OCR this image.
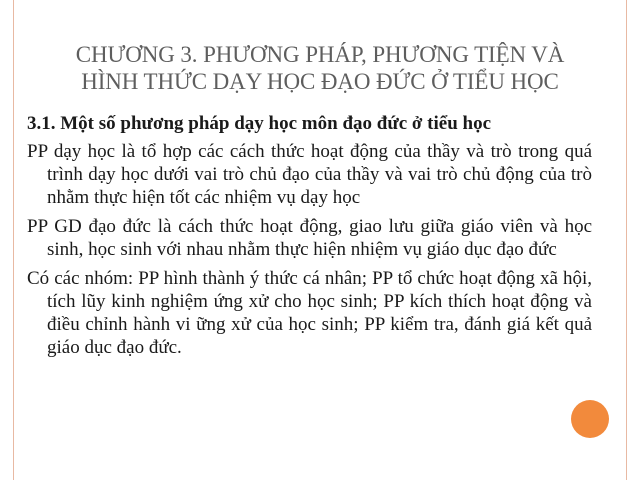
CHƯƠNG 3. PHƯƠNG PHÁP, PHƯƠNG TIỆN VÀ
HÌNH THỨC DẠY HỌC ĐẠO ĐỨC Ở TIỂU HỌC
3.1. Một số phương pháp dạy học môn đạo đức ở tiểu học
PP dạy học là tổ hợp các cách thức hoạt động của thầy và trò trong quá trình dạy học dưới vai trò chủ đạo của thầy và vai trò chủ động của trò nhằm thực hiện tốt các nhiệm vụ dạy học
PP GD đạo đức là cách thức hoạt động, giao lưu giữa giáo viên và học sinh, học sinh với nhau nhằm thực hiện nhiệm vụ giáo dục đạo đức
Có các nhóm: PP hình thành ý thức cá nhân; PP tổ chức hoạt động xã hội, tích lũy kinh nghiệm ứng xử cho học sinh; PP kích thích hoạt động và điều chỉnh hành vi ững xử của học sinh; PP kiểm tra, đánh giá kết quả giáo dục đạo đức.
